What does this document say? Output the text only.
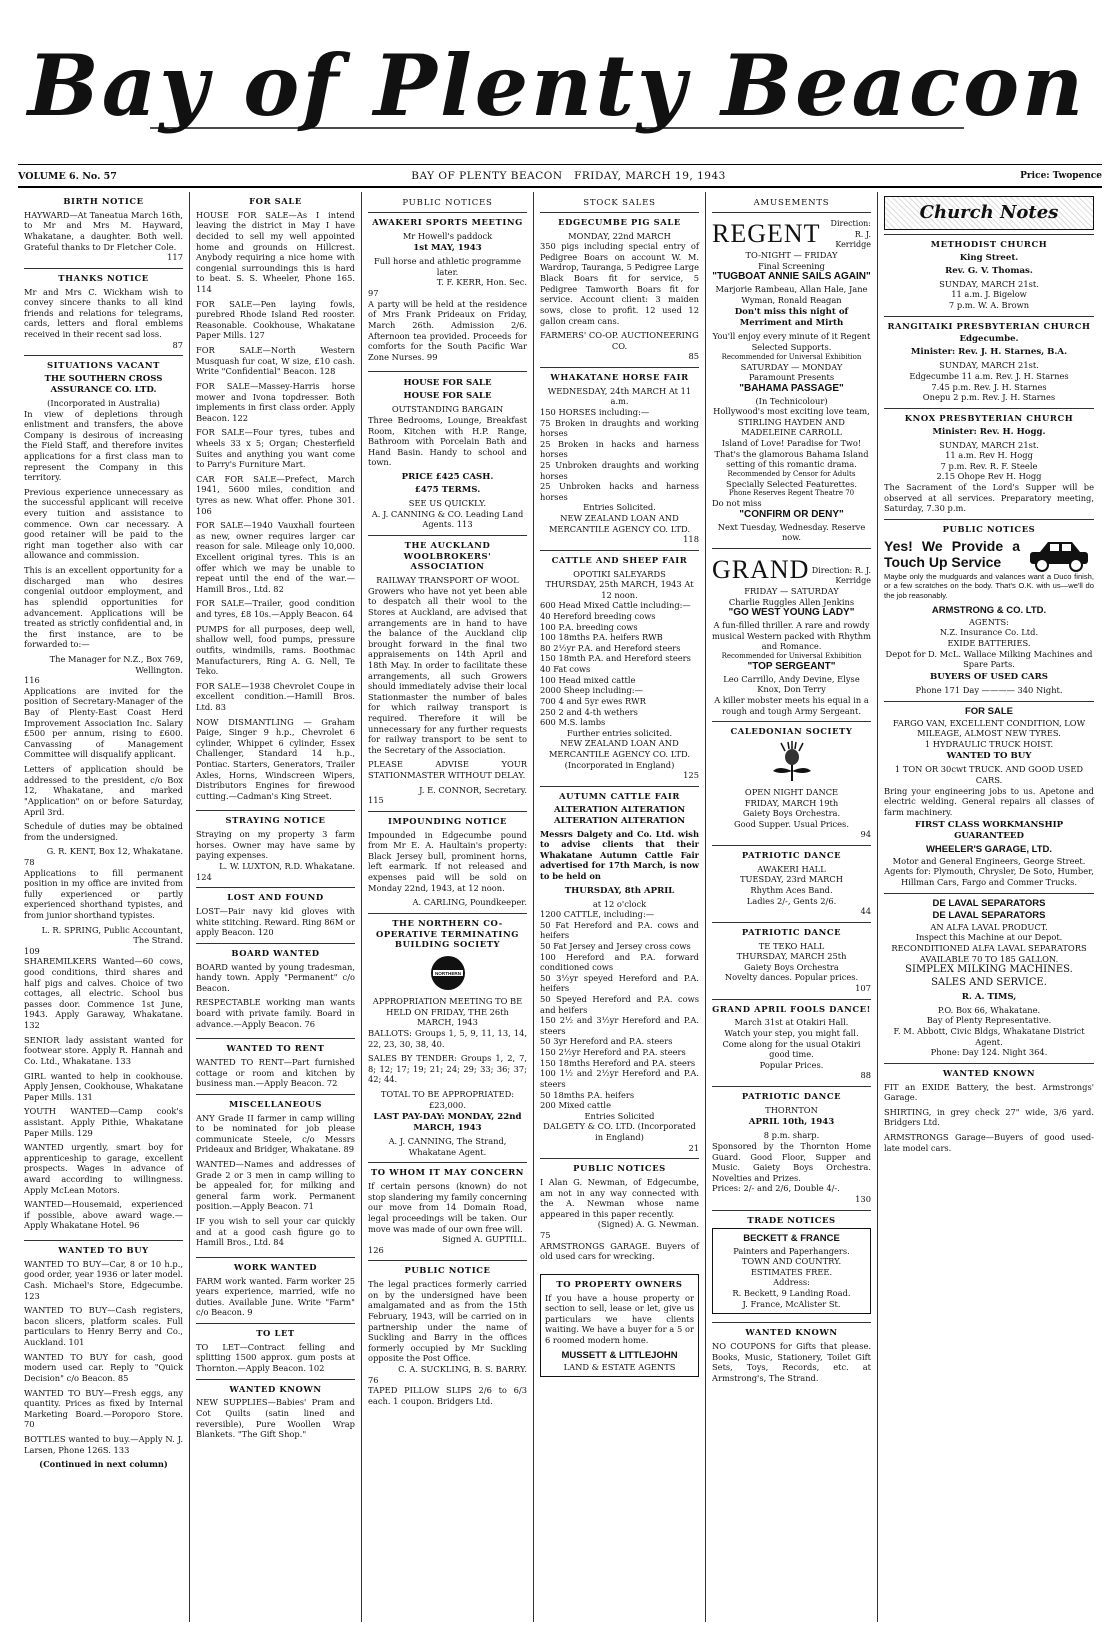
Bay of Plenty Beacon
VOLUME 6. No. 57	BAY OF PLENTY BEACON FRIDAY, MARCH 19, 1943	Price: Twopence
BIRTH NOTICE
HAYWARD—At Taneatua March 16th, to Mr and Mrs M. Hayward, Whakatane, a daughter. Both well. Grateful thanks to Dr Fletcher Cole.
117
THANKS NOTICE
Mr and Mrs C. Wickham wish to convey sincere thanks to all kind friends and relations for telegrams, cards, letters and floral emblems received in their recent sad loss.
87
SITUATIONS VACANT
THE SOUTHERN CROSS ASSURANCE CO. LTD.
(Incorporated in Australia)
In view of depletions through enlistment and transfers, the above Company is desirous of increasing the Field Staff, and therefore invites applications for a first class man to represent the Company in this territory.
Previous experience unnecessary as the successful applicant will receive every tuition and assistance to commence. Own car necessary. A good retainer will be paid to the right man together also with car allowance and commission.
This is an excellent opportunity for a discharged man who desires congenial outdoor employment, and has splendid opportunities for advancement. Applications will be treated as strictly confidential and, in the first instance, are to be forwarded to:—
The Manager for N.Z., Box 769, Wellington.
116
Applications are invited for the position of Secretary-Manager of the Bay of Plenty-East Coast Herd Improvement Association Inc. Salary £500 per annum, rising to £600. Canvassing of Management Committee will disqualify applicant.
Letters of application should be addressed to the president, c/o Box 12, Whakatane, and marked "Application" on or before Saturday, April 3rd.
Schedule of duties may be obtained from the undersigned.
G. R. KENT, Box 12, Whakatane.
78
Applications to fill permanent position in my office are invited from fully experienced or partly experienced shorthand typistes, and from junior shorthand typistes.
L. R. SPRING, Public Accountant, The Strand.
109
SHAREMILKERS Wanted—60 cows, good conditions, third shares and half pigs and calves. Choice of two cottages, all electric. School bus passes door. Commence 1st June, 1943. Apply Garaway, Whakatane. 132
SENIOR lady assistant wanted for footwear store. Apply R. Hannah and Co. Ltd., Whakatane. 133
GIRL wanted to help in cookhouse. Apply Jensen, Cookhouse, Whakatane Paper Mills. 131
YOUTH WANTED—Camp cook's assistant. Apply Pithie, Whakatane Paper Mills. 129
WANTED urgently, smart boy for apprenticeship to garage, excellent prospects. Wages in advance of award according to willingness. Apply McLean Motors.
WANTED—Housemaid, experienced if possible, above award wage.—Apply Whakatane Hotel. 96
WANTED TO BUY
WANTED TO BUY—Car, 8 or 10 h.p., good order, year 1936 or later model. Cash. Michael's Store, Edgecumbe. 123
WANTED TO BUY—Cash registers, bacon slicers, platform scales. Full particulars to Henry Berry and Co., Auckland. 101
WANTED TO BUY for cash, good modern used car. Reply to "Quick Decision" c/o Beacon. 85
WANTED TO BUY—Fresh eggs, any quantity. Prices as fixed by Internal Marketing Board.—Poroporo Store. 70
BOTTLES wanted to buy.—Apply N. J. Larsen, Phone 126S. 133
(Continued in next column)
FOR SALE
HOUSE FOR SALE—As I intend leaving the district in May I have decided to sell my well appointed home and grounds on Hillcrest. Anybody requiring a nice home with congenial surroundings this is hard to beat. S. S. Wheeler, Phone 165. 114
FOR SALE—Pen laying fowls, purebred Rhode Island Red rooster. Reasonable. Cookhouse, Whakatane Paper Mills. 127
FOR SALE—North Western Musquash fur coat, W size, £10 cash. Write "Confidential" Beacon. 128
FOR SALE—Massey-Harris horse mower and Ivona topdresser. Both implements in first class order. Apply Beacon. 122
FOR SALE—Four tyres, tubes and wheels 33 x 5; Organ; Chesterfield Suites and anything you want come to Parry's Furniture Mart.
CAR FOR SALE—Prefect, March 1941, 5600 miles, condition and tyres as new. What offer. Phone 301. 106
FOR SALE—1940 Vauxhall fourteen as new, owner requires larger car reason for sale. Mileage only 10,000. Excellent original tyres. This is an offer which we may be unable to repeat until the end of the war.—Hamill Bros., Ltd. 82
FOR SALE—Trailer, good condition and tyres, £8 10s.—Apply Beacon. 64
PUMPS for all purposes, deep well, shallow well, food pumps, pressure outfits, windmills, rams. Boothmac Manufacturers, Ring A. G. Nell, Te Teko.
FOR SALE—1938 Chevrolet Coupe in excellent condition.—Hamill Bros. Ltd. 83
NOW DISMANTLING — Graham Paige, Singer 9 h.p., Chevrolet 6 cylinder, Whippet 6 cylinder, Essex Challenger, Standard 14 h.p., Pontiac. Starters, Generators, Trailer Axles, Horns, Windscreen Wipers, Distributors Engines for firewood cutting.—Cadman's King Street.
STRAYING NOTICE
Straying on my property 3 farm horses. Owner may have same by paying expenses.
L. W. LUXTON, R.D. Whakatane.
124
LOST AND FOUND
LOST—Pair navy kid gloves with white stitching. Reward. Ring 86M or apply Beacon. 120
BOARD WANTED
BOARD wanted by young tradesman, handy town. Apply "Permanent" c/o Beacon.
RESPECTABLE working man wants board with private family. Board in advance.—Apply Beacon. 76
WANTED TO RENT
WANTED TO RENT—Part furnished cottage or room and kitchen by business man.—Apply Beacon. 72
MISCELLANEOUS
ANY Grade II farmer in camp willing to be nominated for job please communicate Steele, c/o Messrs Prideaux and Bridger, Whakatane. 89
WANTED—Names and addresses of Grade 2 or 3 men in camp willing to be appealed for, for milking and general farm work. Permanent position.—Apply Beacon. 71
IF you wish to sell your car quickly and at a good cash figure go to Hamill Bros., Ltd. 84
WORK WANTED
FARM work wanted. Farm worker 25 years experience, married, wife no duties. Available June. Write "Farm" c/o Beacon. 9
TO LET
TO LET—Contract felling and splitting 1500 approx. gum posts at Thornton.—Apply Beacon. 102
WANTED KNOWN
NEW SUPPLIES—Babies' Pram and Cot Quilts (satin lined and reversible), Pure Woollen Wrap Blankets. "The Gift Shop."
PUBLIC NOTICES
AWAKERI SPORTS MEETING
Mr Howell's paddock
1st MAY, 1943
Full horse and athletic programme later.
T. F. KERR, Hon. Sec.
97
A party will be held at the residence of Mrs Frank Prideaux on Friday, March 26th. Admission 2/6. Afternoon tea provided. Proceeds for comforts for the South Pacific War Zone Nurses. 99
HOUSE FOR SALE
HOUSE FOR SALE
OUTSTANDING BARGAIN
Three Bedrooms, Lounge, Breakfast Room, Kitchen with H.P. Range, Bathroom with Porcelain Bath and Hand Basin. Handy to school and town.
PRICE £425 CASH.
£475 TERMS.
SEE US QUICKLY.
A. J. CANNING & CO. Leading Land Agents. 113
THE AUCKLAND WOOLBROKERS' ASSOCIATION
RAILWAY TRANSPORT OF WOOL
Growers who have not yet been able to despatch all their wool to the Stores at Auckland, are advised that arrangements are in hand to have the balance of the Auckland clip brought forward in the final two appraisements on 14th April and 18th May. In order to facilitate these arrangements, all such Growers should immediately advise their local Stationmaster the number of bales for which railway transport is required. Therefore it will be unnecessary for any further requests for railway transport to be sent to the Secretary of the Association.
PLEASE ADVISE YOUR STATIONMASTER WITHOUT DELAY.
J. E. CONNOR, Secretary.
115
IMPOUNDING NOTICE
Impounded in Edgecumbe pound from Mr E. A. Haultain's property: Black Jersey bull, prominent horns, left earmark. If not released and expenses paid will be sold on Monday 22nd, 1943, at 12 noon.
A. CARLING, Poundkeeper.
THE NORTHERN CO-OPERATIVE TERMINATING BUILDING SOCIETY
NORTHERN
APPROPRIATION MEETING TO BE HELD ON FRIDAY, THE 26th MARCH, 1943
BALLOTS: Groups 1, 5, 9, 11, 13, 14, 22, 23, 30, 38, 40.
SALES BY TENDER: Groups 1, 2, 7, 8; 12; 17; 19; 21; 24; 29; 33; 36; 37; 42; 44.
TOTAL TO BE APPROPRIATED: £23,000.
LAST PAY-DAY: MONDAY, 22nd MARCH, 1943
A. J. CANNING, The Strand, Whakatane Agent.
TO WHOM IT MAY CONCERN
If certain persons (known) do not stop slandering my family concerning our move from 14 Domain Road, legal proceedings will be taken. Our move was made of our own free will.
Signed A. GUPTILL.
126
PUBLIC NOTICE
The legal practices formerly carried on by the undersigned have been amalgamated and as from the 15th February, 1943, will be carried on in partnership under the name of Suckling and Barry in the offices formerly occupied by Mr Suckling opposite the Post Office.
C. A. SUCKLING, B. S. BARRY.
76
TAPED PILLOW SLIPS 2/6 to 6/3 each. 1 coupon. Bridgers Ltd.
STOCK SALES
EDGECUMBE PIG SALE
MONDAY, 22nd MARCH
350 pigs including special entry of Pedigree Boars on account W. M. Wardrop, Tauranga, 5 Pedigree Large Black Boars fit for service, 5 Pedigree Tamworth Boars fit for service. Account client: 3 maiden sows, close to profit. 12 used 12 gallon cream cans.
FARMERS' CO-OP. AUCTIONEERING CO.
85
WHAKATANE HORSE FAIR
WEDNESDAY, 24th MARCH At 11 a.m.
150 HORSES including:—
75 Broken in draughts and working horses
25 Broken in hacks and harness horses
25 Unbroken draughts and working horses
25 Unbroken hacks and harness horses
Entries Solicited.
NEW ZEALAND LOAN AND MERCANTILE AGENCY CO. LTD.
118
CATTLE AND SHEEP FAIR
OPOTIKI SALEYARDS
THURSDAY, 25th MARCH, 1943 At 12 noon.
600 Head Mixed Cattle including:—
40 Hereford breeding cows
100 P.A. breeding cows
100 18mths P.A. heifers RWB
80 2½yr P.A. and Hereford steers
150 18mth P.A. and Hereford steers
40 Fat cows
100 Head mixed cattle
2000 Sheep including:—
700 4 and 5yr ewes RWR
250 2 and 4-th wethers
600 M.S. lambs
Further entries solicited.
NEW ZEALAND LOAN AND MERCANTILE AGENCY CO. LTD. (Incorporated in England)
125
AUTUMN CATTLE FAIR
ALTERATION ALTERATION ALTERATION ALTERATION
Messrs Dalgety and Co. Ltd. wish to advise clients that their Whakatane Autumn Cattle Fair advertised for 17th March, is now to be held on
THURSDAY, 8th APRIL
at 12 o'clock
1200 CATTLE, including:—
50 Fat Hereford and P.A. cows and heifers
50 Fat Jersey and Jersey cross cows
100 Hereford and P.A. forward conditioned cows
50 3½yr speyed Hereford and P.A. heifers
50 Speyed Hereford and P.A. cows and heifers
150 2½ and 3½yr Hereford and P.A. steers
50 3yr Hereford and P.A. steers
150 2½yr Hereford and P.A. steers
150 18mths Hereford and P.A. steers
100 1½ and 2½yr Hereford and P.A. steers
50 18mths P.A. heifers
200 Mixed cattle
Entries Solicited
DALGETY & CO. LTD. (Incorporated in England)
21
PUBLIC NOTICES
I Alan G. Newman, of Edgecumbe, am not in any way connected with the A. Newman whose name appeared in this paper recently.
(Signed) A. G. Newman.
75
ARMSTRONGS GARAGE. Buyers of old used cars for wrecking.
TO PROPERTY OWNERS
If you have a house property or section to sell, lease or let, give us particulars we have clients waiting. We have a buyer for a 5 or 6 roomed modern home.
MUSSETT & LITTLEJOHN
LAND & ESTATE AGENTS
AMUSEMENTS
REGENT	Direction: R. J. Kerridge
TO-NIGHT — FRIDAY
Final Screening
"TUGBOAT ANNIE SAILS AGAIN"
Marjorie Rambeau, Allan Hale, Jane Wyman, Ronald Reagan
Don't miss this night of Merriment and Mirth
You'll enjoy every minute of it Regent Selected Supports.
Recommended for Universal Exhibition
SATURDAY — MONDAY
Paramount Presents
"BAHAMA PASSAGE"
(In Technicolour)
Hollywood's most exciting love team, STIRLING HAYDEN AND MADELEINE CARROLL
Island of Love! Paradise for Two! That's the glamorous Bahama Island setting of this romantic drama.
Recommended by Censor for Adults
Specially Selected Featurettes.
Phone Reserves Regent Theatre 70
Do not miss
"CONFIRM OR DENY"
Next Tuesday, Wednesday. Reserve now.
GRAND Direction: R. J. Kerridge
FRIDAY — SATURDAY
Charlie Ruggles Allen Jenkins
"GO WEST YOUNG LADY"
A fun-filled thriller. A rare and rowdy musical Western packed with Rhythm and Romance.
Recommended for Universal Exhibition
"TOP SERGEANT"
Leo Carrillo, Andy Devine, Elyse Knox, Don Terry
A killer mobster meets his equal in a rough and tough Army Sergeant.
CALEDONIAN SOCIETY
OPEN NIGHT DANCE
FRIDAY, MARCH 19th
Gaiety Boys Orchestra.
Good Supper. Usual Prices.
94
PATRIOTIC DANCE
AWAKERI HALL
TUESDAY, 23rd MARCH
Rhythm Aces Band.
Ladies 2/-, Gents 2/6.
44
PATRIOTIC DANCE
TE TEKO HALL
THURSDAY, MARCH 25th
Gaiety Boys Orchestra
Novelty dances. Popular prices.
107
GRAND APRIL FOOLS DANCE!
March 31st at Otakiri Hall.
Watch your step, you might fall. Come along for the usual Otakiri good time.
Popular Prices.
88
PATRIOTIC DANCE
THORNTON
APRIL 10th, 1943
8 p.m. sharp.
Sponsored by the Thornton Home Guard. Good Floor, Supper and Music. Gaiety Boys Orchestra. Novelties and Prizes.
Prices: 2/- and 2/6, Double 4/-.
130
TRADE NOTICES
BECKETT & FRANCE
Painters and Paperhangers.
TOWN AND COUNTRY.
ESTIMATES FREE.
Address:
R. Beckett, 9 Landing Road.
J. France, McAlister St.
WANTED KNOWN
NO COUPONS for Gifts that please. Books, Music, Stationery, Toilet Gift Sets, Toys, Records, etc. at Armstrong's, The Strand.
Church Notes
METHODIST CHURCH
King Street.
Rev. G. V. Thomas.
SUNDAY, MARCH 21st.
11 a.m. J. Bigelow
7 p.m. W. A. Brown
RANGITAIKI PRESBYTERIAN CHURCH
Edgecumbe.
Minister: Rev. J. H. Starnes, B.A.
SUNDAY, MARCH 21st.
Edgecumbe 11 a.m. Rev. J. H. Starnes
7.45 p.m. Rev. J. H. Starnes
Onepu 2 p.m. Rev. J. H. Starnes
KNOX PRESBYTERIAN CHURCH
Minister: Rev. H. Hogg.
SUNDAY, MARCH 21st.
11 a.m. Rev H. Hogg
7 p.m. Rev. R. F. Steele
2.15 Ohope Rev H. Hogg
The Sacrament of the Lord's Supper will be observed at all services. Preparatory meeting, Saturday, 7.30 p.m.
PUBLIC NOTICES
Yes! We Provide a Touch Up Service
Maybe only the mudguards and valances want a Duco finish, or a few scratches on the body. That's O.K. with us—we'll do the job reasonably.
ARMSTRONG & CO. LTD.
AGENTS:
N.Z. Insurance Co. Ltd.
EXIDE BATTERIES.
Depot for D. McL. Wallace Milking Machines and Spare Parts.
BUYERS OF USED CARS
Phone 171 Day ———— 340 Night.
FOR SALE
FARGO VAN, EXCELLENT CONDITION, LOW MILEAGE, ALMOST NEW TYRES.
1 HYDRAULIC TRUCK HOIST.
WANTED TO BUY
1 TON OR 30cwt TRUCK. AND GOOD USED CARS.
Bring your engineering jobs to us. Apetone and electric welding. General repairs all classes of farm machinery.
FIRST CLASS WORKMANSHIP GUARANTEED
WHEELER'S GARAGE, LTD.
Motor and General Engineers, George Street.
Agents for: Plymouth, Chrysler, De Soto, Humber, Hillman Cars, Fargo and Commer Trucks.
DE LAVAL SEPARATORS
DE LAVAL SEPARATORS
AN ALFA LAVAL PRODUCT.
Inspect this Machine at our Depot.
RECONDITIONED ALFA LAVAL SEPARATORS AVAILABLE 70 TO 185 GALLON.
SIMPLEX MILKING MACHINES.
SALES AND SERVICE.
R. A. TIMS,
P.O. Box 66, Whakatane.
Bay of Plenty Representative.
F. M. Abbott, Civic Bldgs, Whakatane District Agent.
Phone: Day 124. Night 364.
WANTED KNOWN
FIT an EXIDE Battery, the best. Armstrongs' Garage.
SHIRTING, in grey check 27" wide, 3/6 yard. Bridgers Ltd.
ARMSTRONGS Garage—Buyers of good used-late model cars.
